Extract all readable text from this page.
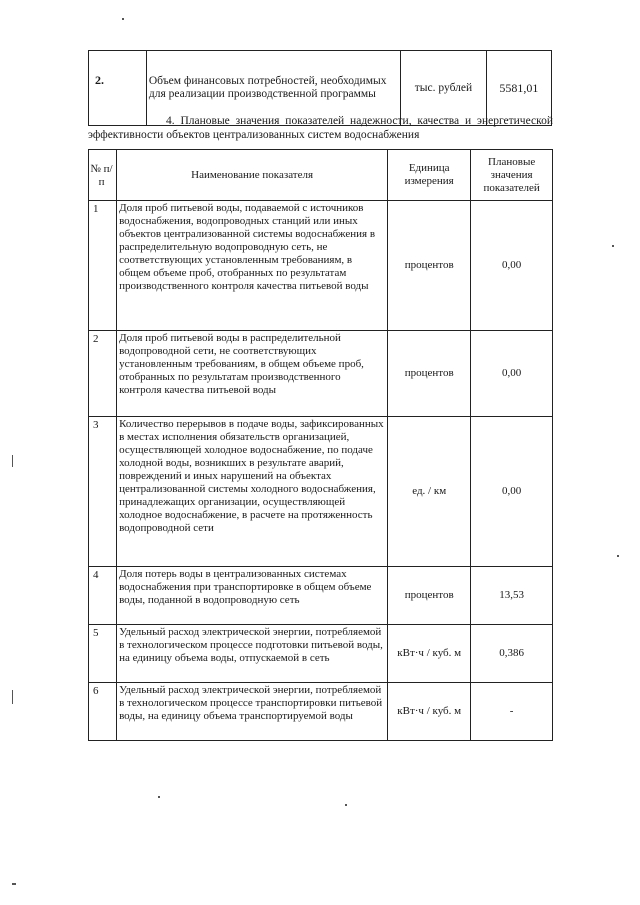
2.	Объем финансовых потребностей, необходимых для реализации производственной программы	тыс. рублей	5581,01
4. Плановые значения показателей надежности, качества и энергетической эффективности объектов централизованных систем водоснабжения
№ п/п	Наименование показателя	Единица измерения	Плановые значения показателей
1	Доля проб питьевой воды, подаваемой с источников водоснабжения, водопроводных станций или иных объектов централизованной системы водоснабжения в распределительную водопроводную сеть, не соответствующих установленным требованиям, в общем объеме проб, отобранных по результатам производственного контроля качества питьевой воды	процентов	0,00
2	Доля проб питьевой воды в распределительной водопроводной сети, не соответствующих установленным требованиям, в общем объеме проб, отобранных по результатам производственного контроля качества питьевой воды	процентов	0,00
3	Количество перерывов в подаче воды, зафиксированных в местах исполнения обязательств организацией, осуществляющей холодное водоснабжение, по подаче холодной воды, возникших в результате аварий, повреждений и иных нарушений на объектах централизованной системы холодного водоснабжения, принадлежащих организации, осуществляющей холодное водоснабжение, в расчете на протяженность водопроводной сети	ед. / км	0,00
4	Доля потерь воды в централизованных системах водоснабжения при транспортировке в общем объеме воды, поданной в водопроводную сеть	процентов	13,53
5	Удельный расход электрической энергии, потребляемой в технологическом процессе подготовки питьевой воды, на единицу объема воды, отпускаемой в сеть	кВт·ч / куб. м	0,386
6	Удельный расход электрической энергии, потребляемой в технологическом процессе транспортировки питьевой воды, на единицу объема транспортируемой воды	кВт·ч / куб. м	-
